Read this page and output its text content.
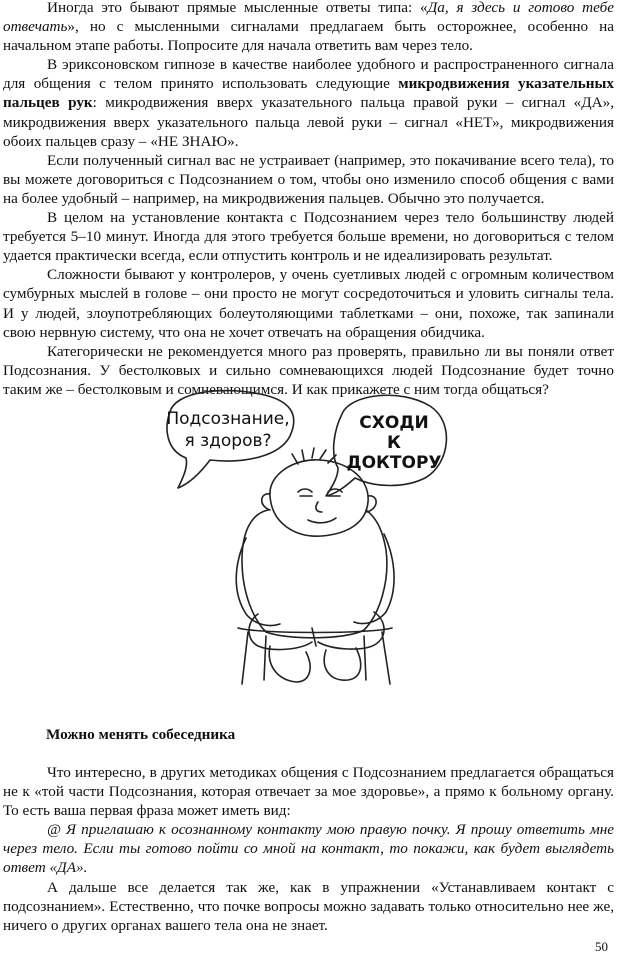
Иногда это бывают прямые мысленные ответы типа: «Да, я здесь и готово тебе отвечать», но с мысленными сигналами предлагаем быть осторожнее, особенно на начальном этапе работы. Попросите для начала ответить вам через тело.

В эриксоновском гипнозе в качестве наиболее удобного и распространенного сигнала для общения с телом принято использовать следующие микродвижения указательных пальцев рук: микродвижения вверх указательного пальца правой руки – сигнал «ДА», микродвижения вверх указательного пальца левой руки – сигнал «НЕТ», микродвижения обоих пальцев сразу – «НЕ ЗНАЮ».

Если полученный сигнал вас не устраивает (например, это покачивание всего тела), то вы можете договориться с Подсознанием о том, чтобы оно изменило способ общения с вами на более удобный – например, на микродвижения пальцев. Обычно это получается.

В целом на установление контакта с Подсознанием через тело большинству людей требуется 5–10 минут. Иногда для этого требуется больше времени, но договориться с телом удается практически всегда, если отпустить контроль и не идеализировать результат.

Сложности бывают у контролеров, у очень суетливых людей с огромным количеством сумбурных мыслей в голове – они просто не могут сосредоточиться и уловить сигналы тела. И у людей, злоупотребляющих болеутоляющими таблетками – они, похоже, так запинали свою нервную систему, что она не хочет отвечать на обращения обидчика.

Категорически не рекомендуется много раз проверять, правильно ли вы поняли ответ Подсознания. У бестолковых и сильно сомневающихся людей Подсознание будет точно таким же – бестолковым и сомневающимся. И как прикажете с ним тогда общаться?

Подсознание,
я здоров?
СХОДИ
К
ДОКТОРУ
Можно менять собеседника

Что интересно, в других методиках общения с Подсознанием предлагается обращаться не к «той части Подсознания, которая отвечает за мое здоровье», а прямо к больному органу. То есть ваша первая фраза может иметь вид:

@ Я приглашаю к осознанному контакту мою правую почку. Я прошу ответить мне через тело. Если ты готово пойти со мной на контакт, то покажи, как будет выглядеть ответ «ДА».

А дальше все делается так же, как в упражнении «Устанавливаем контакт с подсознанием». Естественно, что почке вопросы можно задавать только относительно нее же, ничего о других органах вашего тела она не знает.

50
